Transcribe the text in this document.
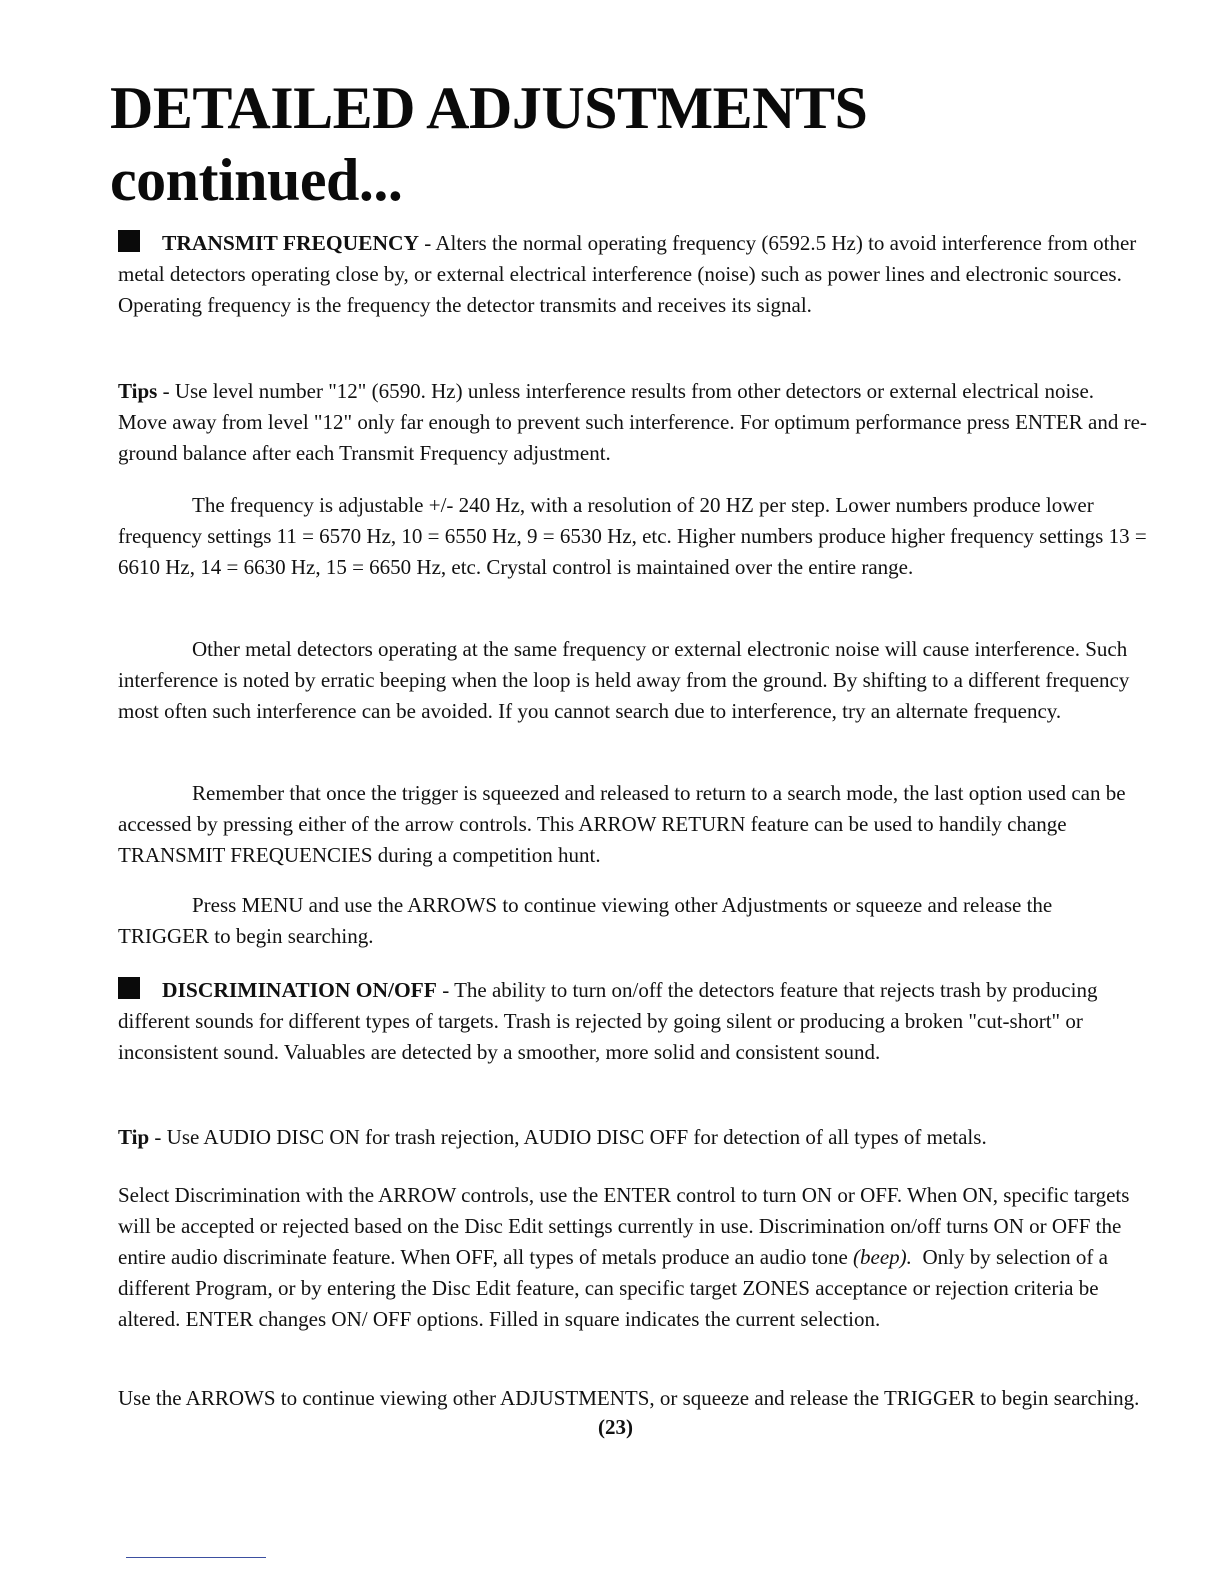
DETAILED ADJUSTMENTS
continued...

TRANSMIT FREQUENCY - Alters the normal operating frequency (6592.5 Hz) to avoid interference from other metal detectors operating close by, or external electrical interference (noise) such as power lines and electronic sources. Operating frequency is the frequency the detector transmits and receives its signal.

Tips - Use level number "12" (6590. Hz) unless interference results from other detectors or external electrical noise. Move away from level "12" only far enough to prevent such interference. For optimum performance press ENTER and re-ground balance after each Transmit Frequency adjustment.

The frequency is adjustable +/- 240 Hz, with a resolution of 20 HZ per step. Lower numbers produce lower frequency settings 11 = 6570 Hz, 10 = 6550 Hz, 9 = 6530 Hz, etc. Higher numbers produce higher frequency settings 13 = 6610 Hz, 14 = 6630 Hz, 15 = 6650 Hz, etc. Crystal control is maintained over the entire range.

Other metal detectors operating at the same frequency or external electronic noise will cause interference. Such interference is noted by erratic beeping when the loop is held away from the ground. By shifting to a different frequency most often such interference can be avoided. If you cannot search due to interference, try an alternate frequency.

Remember that once the trigger is squeezed and released to return to a search mode, the last option used can be accessed by pressing either of the arrow controls. This ARROW RETURN feature can be used to handily change TRANSMIT FREQUENCIES during a competition hunt.

Press MENU and use the ARROWS to continue viewing other Adjustments or squeeze and release the TRIGGER to begin searching.

DISCRIMINATION ON/OFF - The ability to turn on/off the detectors feature that rejects trash by producing different sounds for different types of targets. Trash is rejected by going silent or producing a broken "cut-short" or inconsistent sound. Valuables are detected by a smoother, more solid and consistent sound.

Tip - Use AUDIO DISC ON for trash rejection, AUDIO DISC OFF for detection of all types of metals.

Select Discrimination with the ARROW controls, use the ENTER control to turn ON or OFF. When ON, specific targets will be accepted or rejected based on the Disc Edit settings currently in use. Discrimination on/off turns ON or OFF the entire audio discriminate feature. When OFF, all types of metals produce an audio tone (beep). Only by selection of a different Program, or by entering the Disc Edit feature, can specific target ZONES acceptance or rejection criteria be altered. ENTER changes ON/ OFF options. Filled in square indicates the current selection.

Use the ARROWS to continue viewing other ADJUSTMENTS, or squeeze and release the TRIGGER to begin searching.

(23)
